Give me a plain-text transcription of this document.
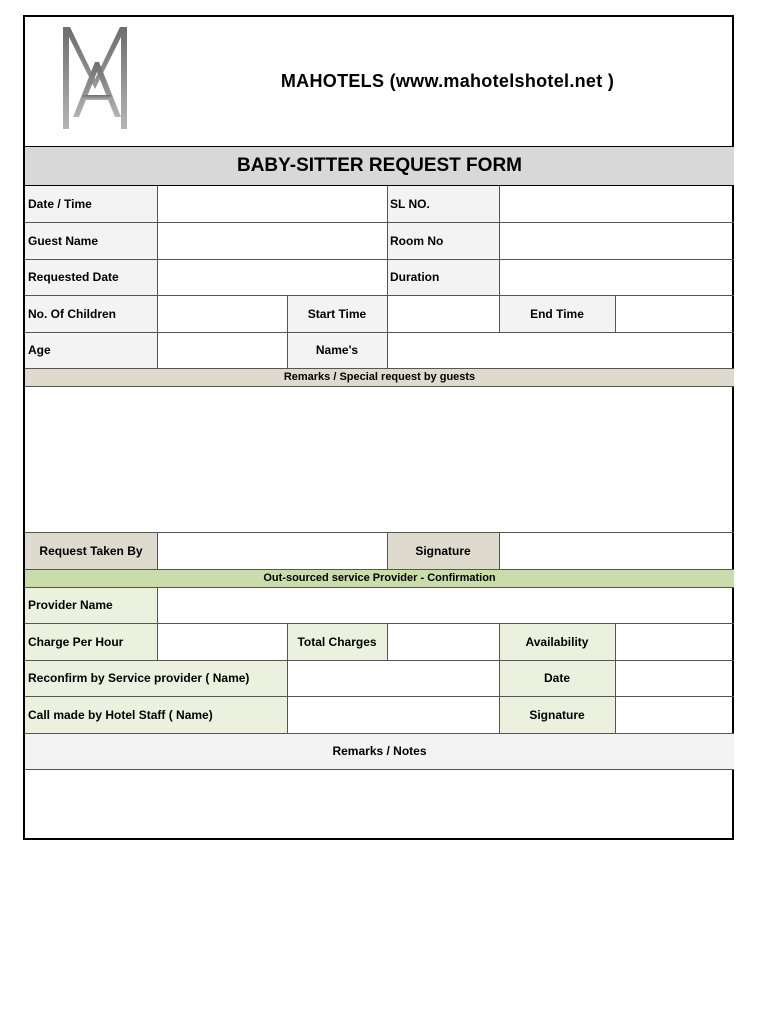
MAHOTELS (www.mahotelshotel.net )
BABY-SITTER REQUEST FORM
Date / Time	SL NO.
Guest Name	Room No
Requested Date	Duration
No. Of Children	Start Time	End Time
Age	Name's
Remarks / Special request by guests
Request Taken By	Signature
Out-sourced service Provider - Confirmation
Provider Name
Charge Per Hour	Total Charges	Availability
Reconfirm by Service provider ( Name)	Date
Call made by Hotel Staff ( Name)	Signature
Remarks / Notes
